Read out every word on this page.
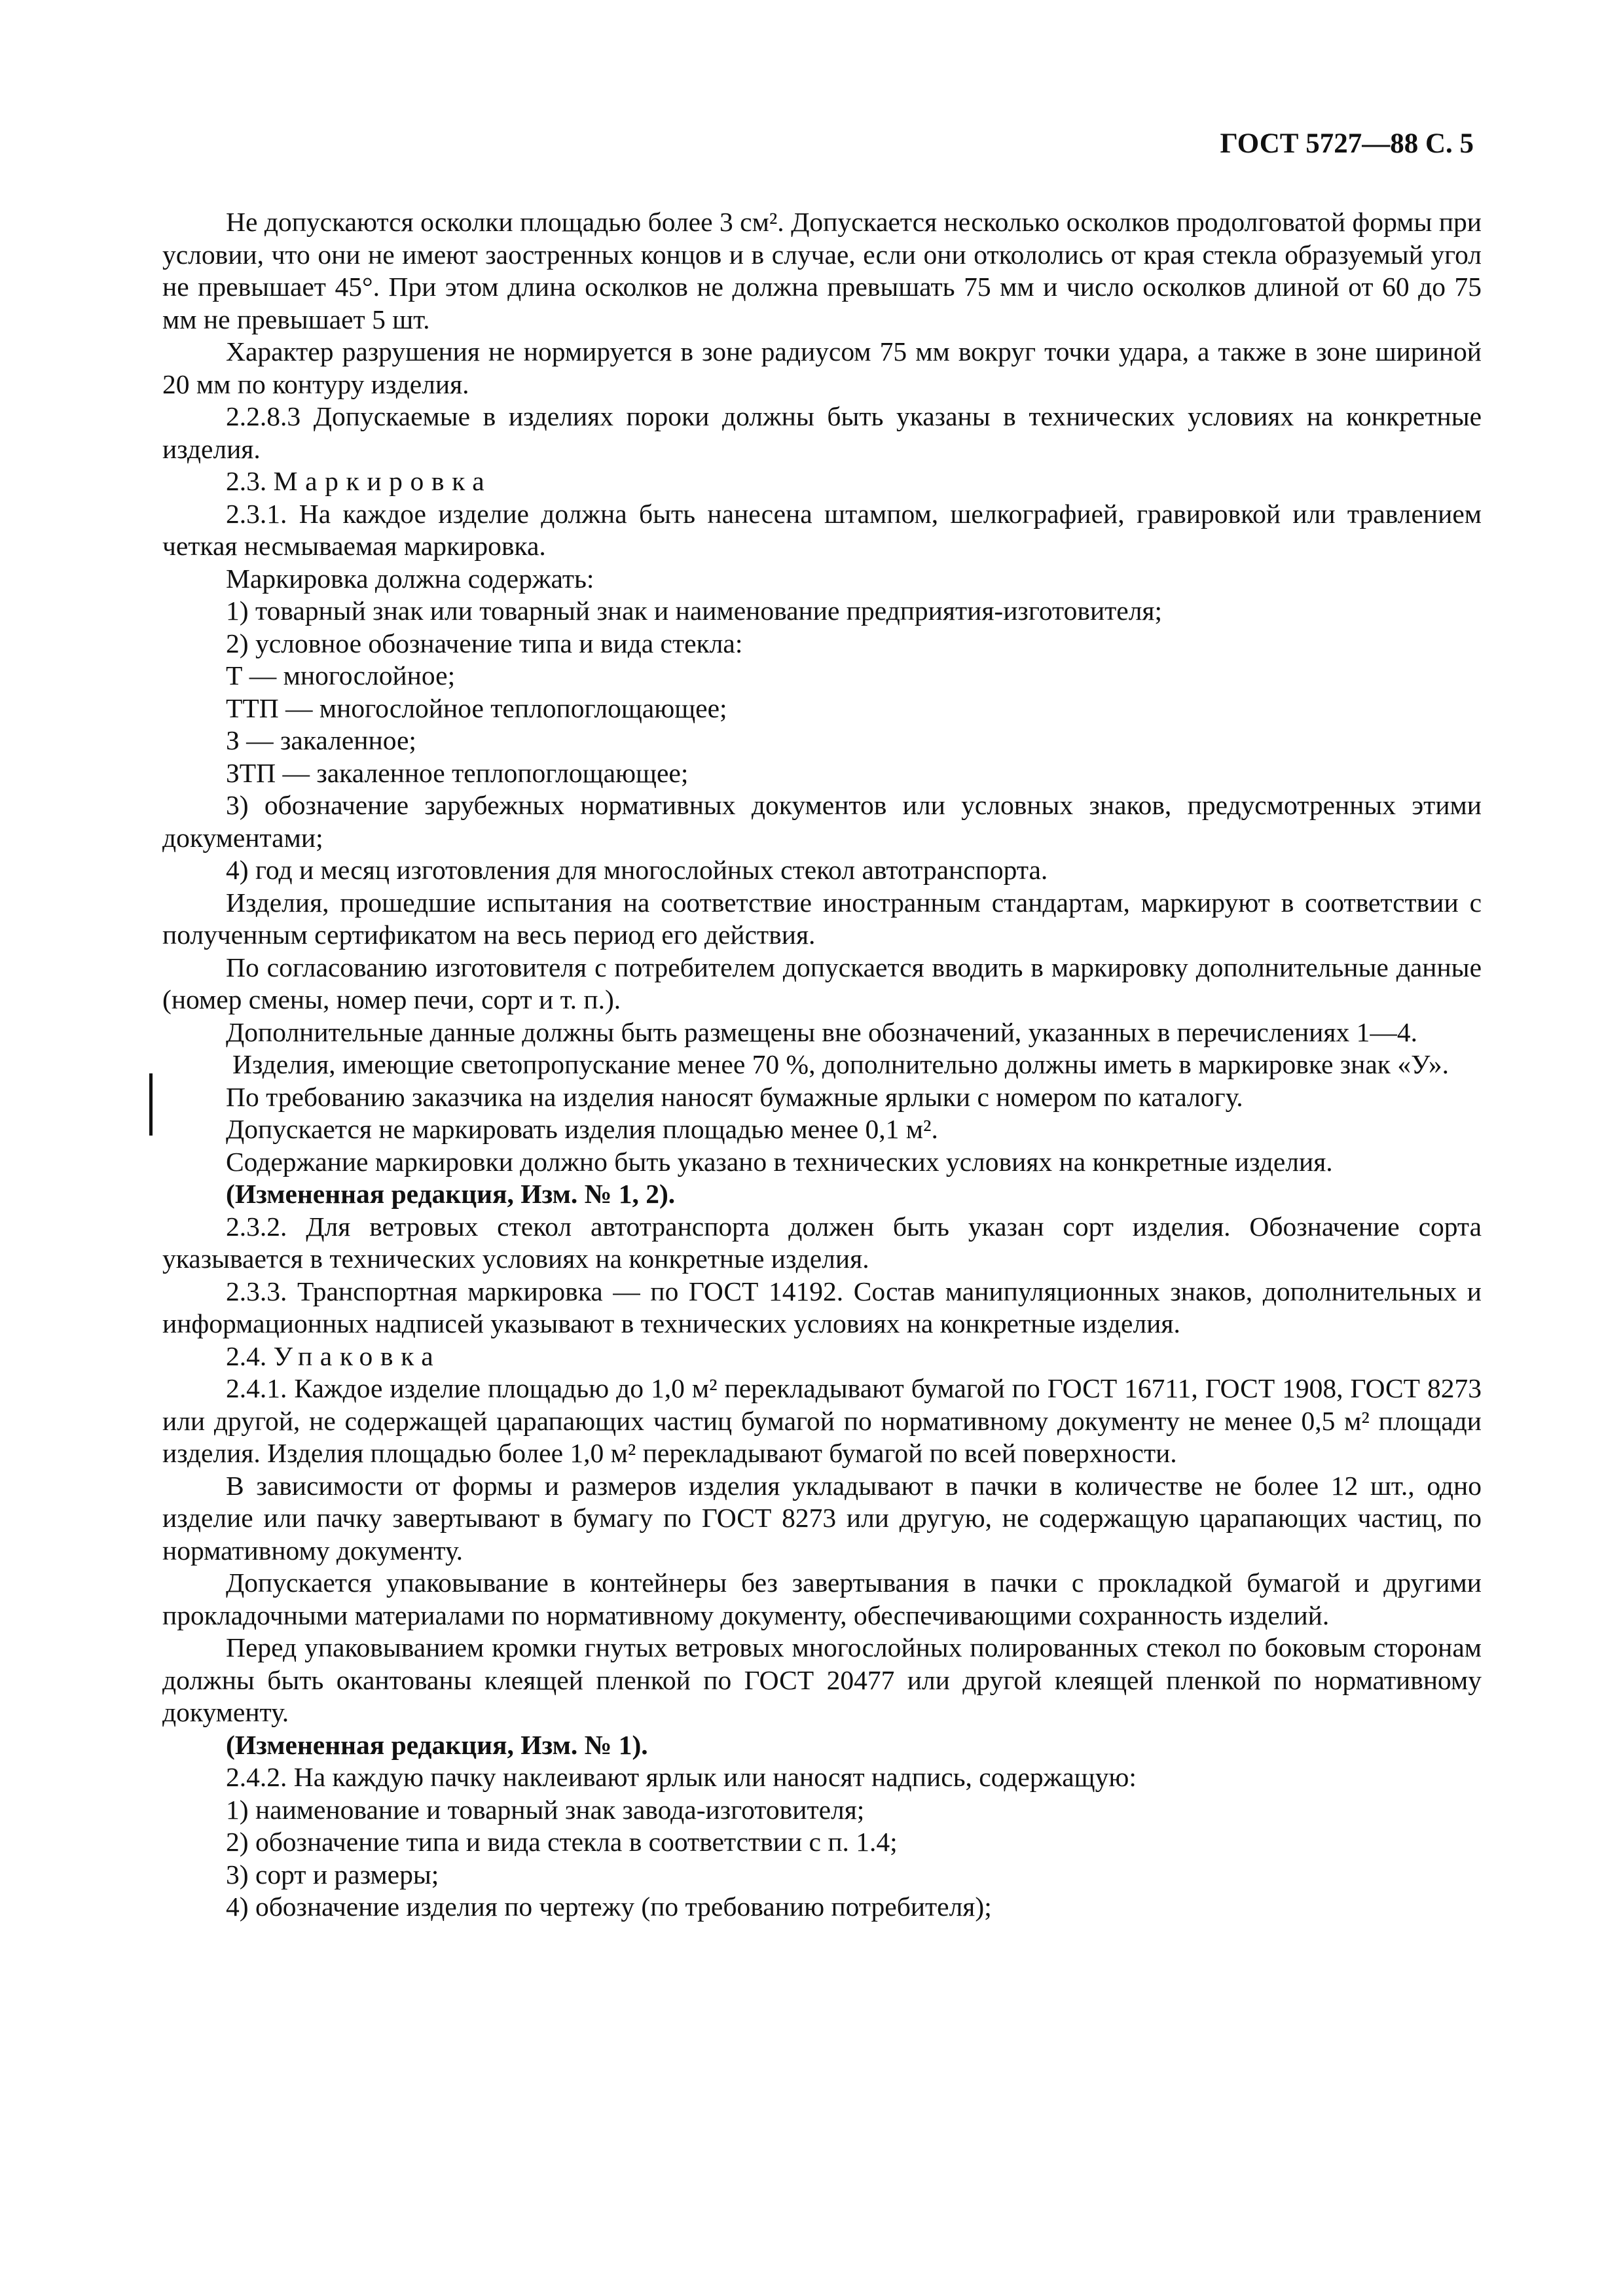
ГОСТ 5727—88 С. 5

Не допускаются осколки площадью более 3 см². Допускается несколько осколков продолговатой формы при условии, что они не имеют заостренных концов и в случае, если они откололись от края стекла образуемый угол не превышает 45°. При этом длина осколков не должна превышать 75 мм и число осколков длиной от 60 до 75 мм не превышает 5 шт.

Характер разрушения не нормируется в зоне радиусом 75 мм вокруг точки удара, а также в зоне шириной 20 мм по контуру изделия.

2.2.8.3 Допускаемые в изделиях пороки должны быть указаны в технических условиях на конкретные изделия.

2.3. Маркировка

2.3.1. На каждое изделие должна быть нанесена штампом, шелкографией, гравировкой или травлением четкая несмываемая маркировка.

Маркировка должна содержать:

1) товарный знак или товарный знак и наименование предприятия-изготовителя;

2) условное обозначение типа и вида стекла:

Т — многослойное;

ТТП — многослойное теплопоглощающее;

З — закаленное;

ЗТП — закаленное теплопоглощающее;

3) обозначение зарубежных нормативных документов или условных знаков, предусмотренных этими документами;

4) год и месяц изготовления для многослойных стекол автотранспорта.

Изделия, прошедшие испытания на соответствие иностранным стандартам, маркируют в соответствии с полученным сертификатом на весь период его действия.

По согласованию изготовителя с потребителем допускается вводить в маркировку дополнительные данные (номер смены, номер печи, сорт и т. п.).

Дополнительные данные должны быть размещены вне обозначений, указанных в перечислениях 1—4.

Изделия, имеющие светопропускание менее 70 %, дополнительно должны иметь в маркировке знак «У».

По требованию заказчика на изделия наносят бумажные ярлыки с номером по каталогу.

Допускается не маркировать изделия площадью менее 0,1 м².

Содержание маркировки должно быть указано в технических условиях на конкретные изделия.

(Измененная редакция, Изм. № 1, 2).

2.3.2. Для ветровых стекол автотранспорта должен быть указан сорт изделия. Обозначение сорта указывается в технических условиях на конкретные изделия.

2.3.3. Транспортная маркировка — по ГОСТ 14192. Состав манипуляционных знаков, дополнительных и информационных надписей указывают в технических условиях на конкретные изделия.

2.4. Упаковка

2.4.1. Каждое изделие площадью до 1,0 м² перекладывают бумагой по ГОСТ 16711, ГОСТ 1908, ГОСТ 8273 или другой, не содержащей царапающих частиц бумагой по нормативному документу не менее 0,5 м² площади изделия. Изделия площадью более 1,0 м² перекладывают бумагой по всей поверхности.

В зависимости от формы и размеров изделия укладывают в пачки в количестве не более 12 шт., одно изделие или пачку завертывают в бумагу по ГОСТ 8273 или другую, не содержащую царапающих частиц, по нормативному документу.

Допускается упаковывание в контейнеры без завертывания в пачки с прокладкой бумагой и другими прокладочными материалами по нормативному документу, обеспечивающими сохранность изделий.

Перед упаковыванием кромки гнутых ветровых многослойных полированных стекол по боковым сторонам должны быть окантованы клеящей пленкой по ГОСТ 20477 или другой клеящей пленкой по нормативному документу.

(Измененная редакция, Изм. № 1).

2.4.2. На каждую пачку наклеивают ярлык или наносят надпись, содержащую:

1) наименование и товарный знак завода-изготовителя;

2) обозначение типа и вида стекла в соответствии с п. 1.4;

3) сорт и размеры;

4) обозначение изделия по чертежу (по требованию потребителя);
